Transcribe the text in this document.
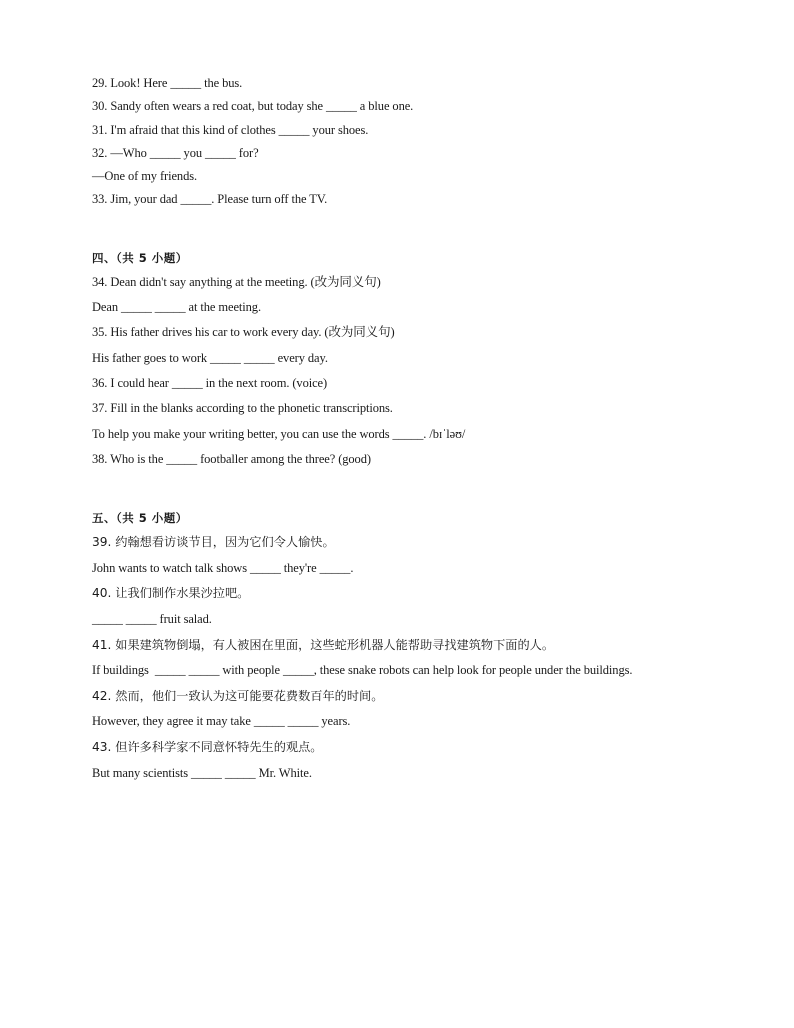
29. Look! Here _____ the bus.
30. Sandy often wears a red coat, but today she _____ a blue one.
31. I'm afraid that this kind of clothes _____ your shoes.
32. —Who _____ you _____ for?
—One of my friends.
33. Jim, your dad _____. Please turn off the TV.
四、（共 5 小题）
34. Dean didn't say anything at the meeting. (改为同义句)
Dean _____ _____ at the meeting.
35. His father drives his car to work every day. (改为同义句)
His father goes to work _____ _____ every day.
36. I could hear _____ in the next room. (voice)
37. Fill in the blanks according to the phonetic transcriptions.
To help you make your writing better, you can use the words _____. /bɪˈləʊ/
38. Who is the _____ footballer among the three? (good)
五、（共 5 小题）
39. 约翰想看访谈节目，因为它们令人愉快。
John wants to watch talk shows _____ they're _____.
40. 让我们制作水果沙拉吧。
_____ _____ fruit salad.
41. 如果建筑物倒塌，有人被困在里面，这些蛇形机器人能帮助寻找建筑物下面的人。
If buildings  _____ _____ with people _____, these snake robots can help look for people under the buildings.
42. 然而，他们一致认为这可能要花费数百年的时间。
However, they agree it may take _____ _____ years.
43. 但许多科学家不同意怀特先生的观点。
But many scientists _____ _____ Mr. White.
